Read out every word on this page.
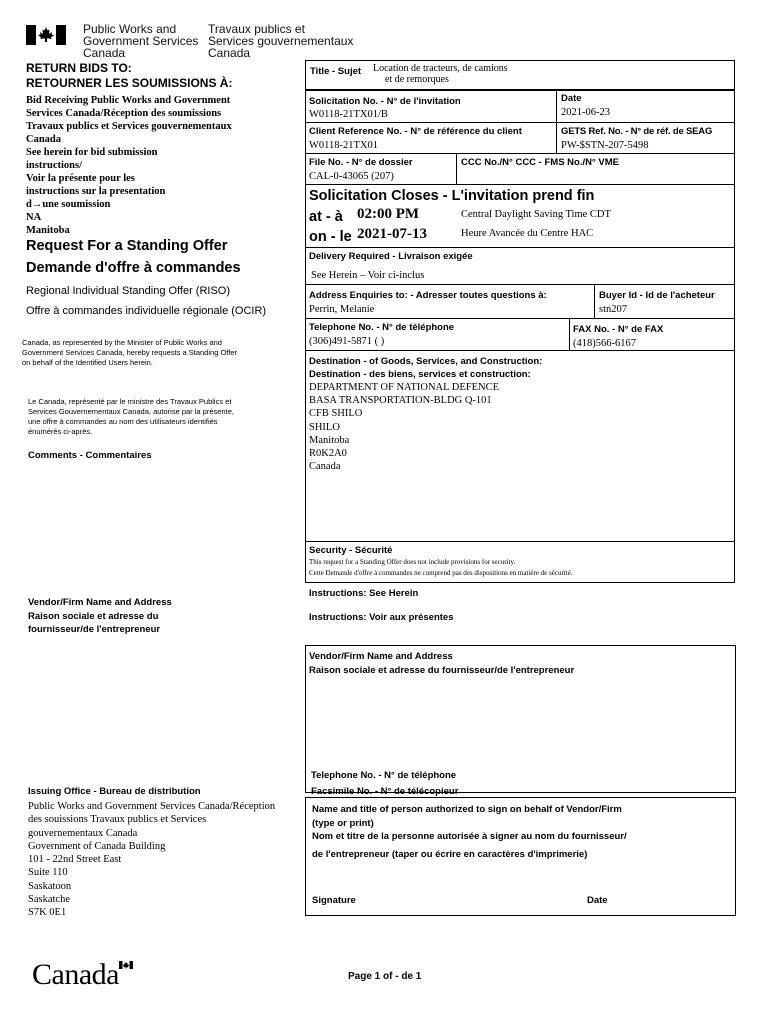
Public Works and
Government Services
Canada
Travaux publics et
Services gouvernementaux
Canada
RETURN BIDS TO:
RETOURNER LES SOUMISSIONS À:
Bid Receiving Public Works and Government
Services Canada/Réception des soumissions
Travaux publics et Services gouvernementaux
Canada
See herein for bid submission
instructions/
Voir la présente pour les
instructions sur la presentation
d→une soumission
NA
Manitoba
Request For a Standing Offer
Demande d'offre à commandes
Regional Individual Standing Offer (RISO)
Offre à commandes individuelle régionale (OCIR)
Canada, as represented by the Minister of Public Works and
Government Services Canada, hereby requests a Standing Offer
on behalf of the Identified Users herein.
Le Canada, représenté par le ministre des Travaux Publics et
Services Gouvernementaux Canada, autorise par la présente,
une offre à commandes au nom des utilisateurs identifiés
énumérés ci-après.
Comments - Commentaires
Vendor/Firm Name and Address
Raison sociale et adresse du
fournisseur/de l'entrepreneur
Issuing Office - Bureau de distribution
Public Works and Government Services Canada/Réception
des souissions Travaux publics et Services
gouvernementaux Canada
Government of Canada Building
101 - 22nd Street East
Suite 110
Saskatoon
Saskatche
S7K 0E1
Title - Sujet Location de tracteurs, de camions
et de remorques
Solicitation No. - N° de l'invitation
W0118-21TX01/B
Date
2021-06-23
Client Reference No. - N° de référence du client
W0118-21TX01
GETS Ref. No. - N° de réf. de SEAG
PW-$STN-207-5498
File No. - N° de dossier
CAL-0-43065 (207)
CCC No./N° CCC - FMS No./N° VME
Solicitation Closes - L'invitation prend fin
at - à 02:00 PM
on - le 2021-07-13
Central Daylight Saving Time CDT
Heure Avancée du Centre HAC
Delivery Required - Livraison exigée
See Herein – Voir ci-inclus
Address Enquiries to: - Adresser toutes questions à:
Perrin, Melanie
Buyer Id - Id de l'acheteur
stn207
Telephone No. - N° de téléphone
(306)491-5871 ( )
FAX No. - N° de FAX
(418)566-6167
Destination - of Goods, Services, and Construction:
Destination - des biens, services et construction:
DEPARTMENT OF NATIONAL DEFENCE
BASA TRANSPORTATION-BLDG Q-101
CFB SHILO
SHILO
Manitoba
R0K2A0
Canada
Security - Sécurité
This request for a Standing Offer does not include provisions for security.
Cette Demande d'offre à commandes ne comprend pas des dispositions en matière de sécurité.
Instructions: See Herein
Instructions: Voir aux présentes
Vendor/Firm Name and Address
Raison sociale et adresse du fournisseur/de l'entrepreneur
Telephone No. - N° de téléphone
Facsimile No. - N° de télécopieur
Name and title of person authorized to sign on behalf of Vendor/Firm
(type or print)
Nom et titre de la personne autorisée à signer au nom du fournisseur/
de l'entrepreneur (taper ou écrire en caractères d'imprimerie)
Signature	Date
Canada	Page 1 of - de 1
